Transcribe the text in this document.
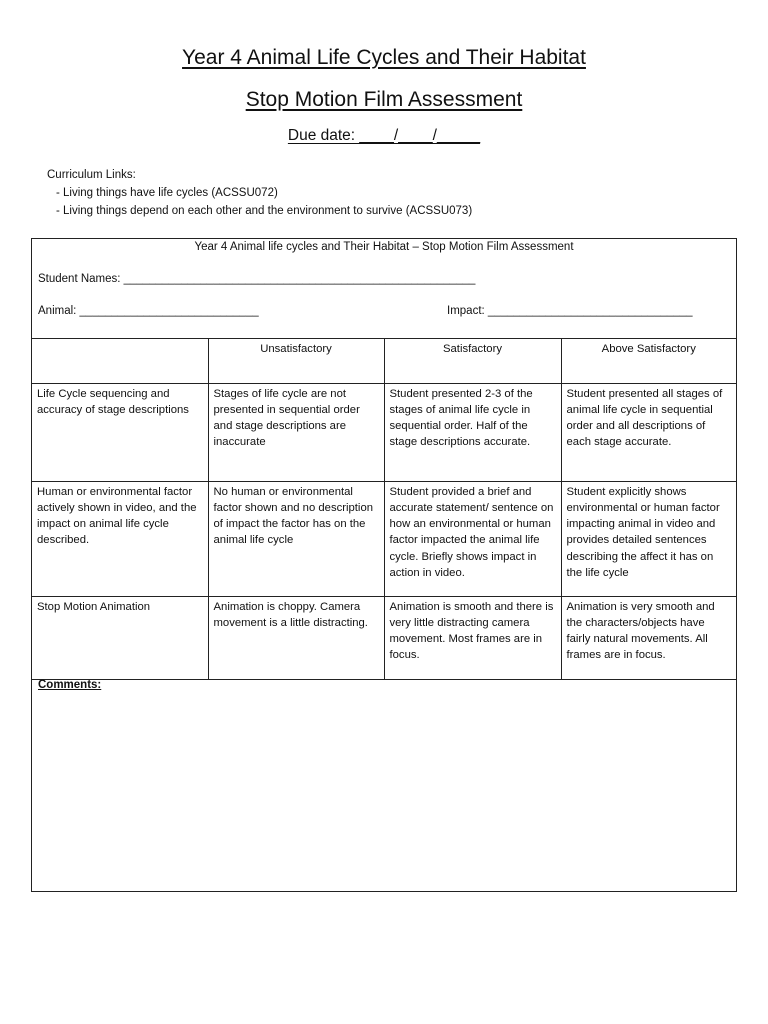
Year 4 Animal Life Cycles and Their Habitat
Stop Motion Film Assessment
Due date: ____/____/_____
Curriculum Links:
- Living things have life cycles (ACSSU072)
- Living things depend on each other and the environment to survive (ACSSU073)
Year 4 Animal life cycles and Their Habitat – Stop Motion Film Assessment
Student Names: _______________________________________________________
Animal: ____________________________	Impact: ________________________________
	Unsatisfactory	Satisfactory	Above Satisfactory
Life Cycle sequencing and accuracy of stage descriptions	Stages of life cycle are not presented in sequential order and stage descriptions are inaccurate	Student presented 2-3 of the stages of animal life cycle in sequential order. Half of the stage descriptions accurate.	Student presented all stages of animal life cycle in sequential order and all descriptions of each stage accurate.
Human or environmental factor actively shown in video, and the impact on animal life cycle described.	No human or environmental factor shown and no description of impact the factor has on the animal life cycle	Student provided a brief and accurate statement/ sentence on how an environmental or human factor impacted the animal life cycle. Briefly shows impact in action in video.	Student explicitly shows environmental or human factor impacting animal in video and provides detailed sentences describing the affect it has on the life cycle
Stop Motion Animation	Animation is choppy. Camera movement is a little distracting.	Animation is smooth and there is very little distracting camera movement. Most frames are in focus.	Animation is very smooth and the characters/objects have fairly natural movements. All frames are in focus.
Comments:
